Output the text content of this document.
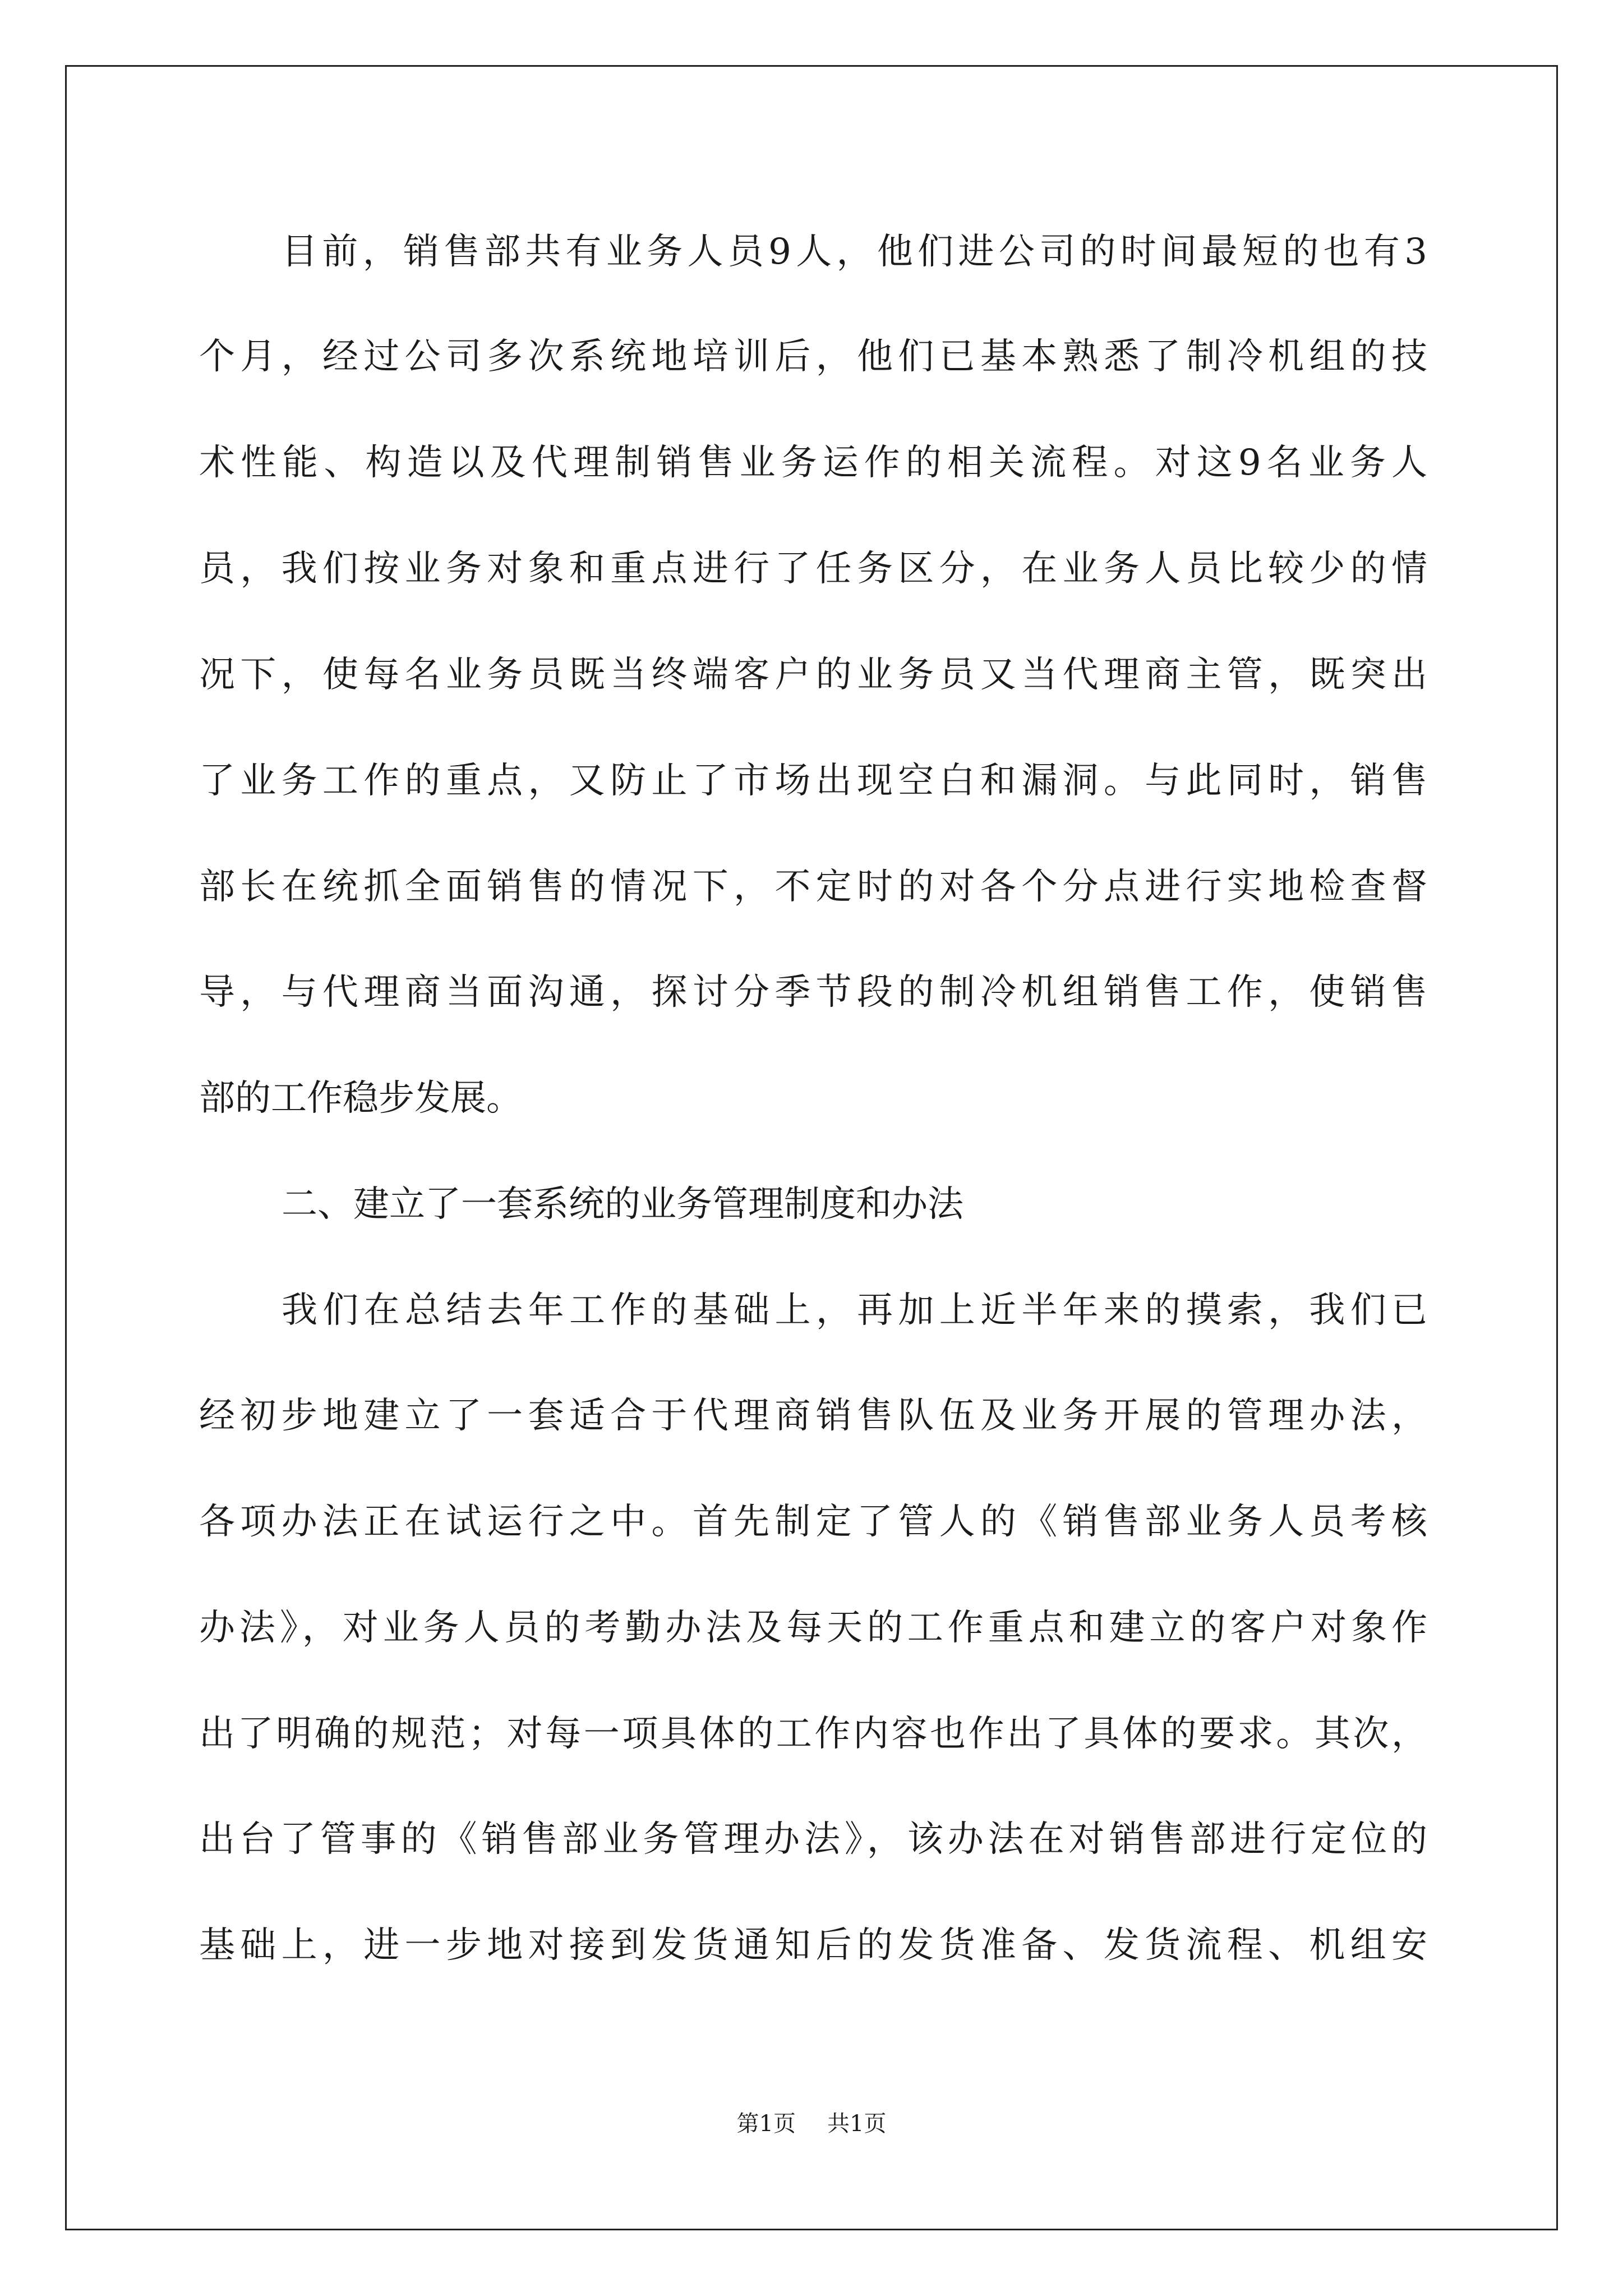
目前，销售部共有业务人员9人，他们进公司的时间最短的也有3
个月，经过公司多次系统地培训后，他们已基本熟悉了制冷机组的技
术性能、构造以及代理制销售业务运作的相关流程。对这9名业务人
员，我们按业务对象和重点进行了任务区分，在业务人员比较少的情
况下，使每名业务员既当终端客户的业务员又当代理商主管，既突出
了业务工作的重点，又防止了市场出现空白和漏洞。与此同时，销售
部长在统抓全面销售的情况下，不定时的对各个分点进行实地检查督
导，与代理商当面沟通，探讨分季节段的制冷机组销售工作，使销售
部的工作稳步发展。
二、建立了一套系统的业务管理制度和办法
我们在总结去年工作的基础上，再加上近半年来的摸索，我们已
经初步地建立了一套适合于代理商销售队伍及业务开展的管理办法，
各项办法正在试运行之中。首先制定了管人的《销售部业务人员考核
办法》，对业务人员的考勤办法及每天的工作重点和建立的客户对象作
出了明确的规范；对每一项具体的工作内容也作出了具体的要求。其次，
出台了管事的《销售部业务管理办法》，该办法在对销售部进行定位的
基础上，进一步地对接到发货通知后的发货准备、发货流程、机组安
第1页 共1页
